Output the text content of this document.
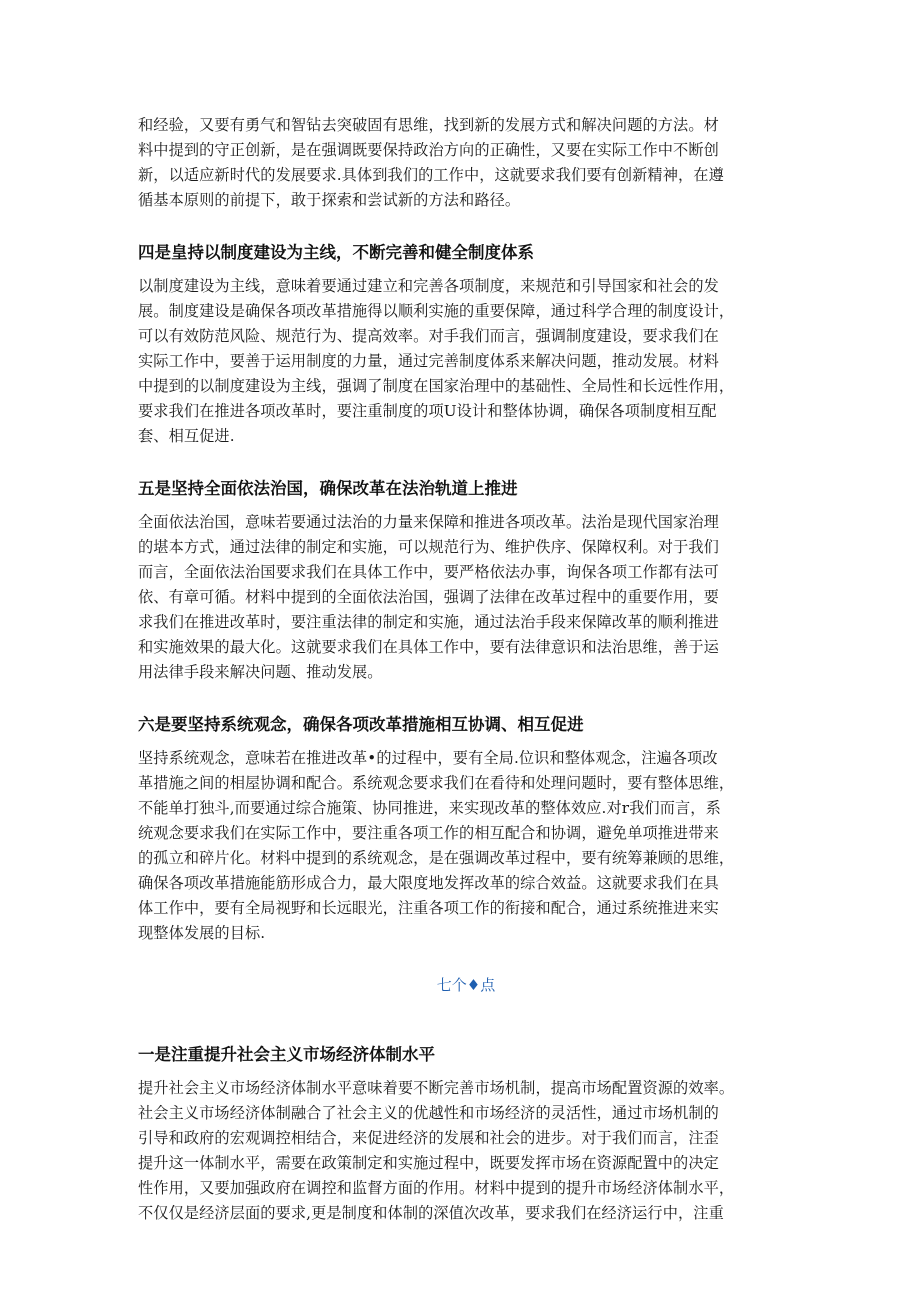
和经验，又要有勇气和智钻去突破固有思维，找到新的发展方式和解决问题的方法。材
料中提到的守正创新，是在强调既要保持政治方向的正确性，又要在实际工作中不断创
新，以适应新时代的发展要求.具体到我们的工作中，这就要求我们要有创新精神，在遵
循基本原则的前提下，敢于探索和尝试新的方法和路径。

四是皇持以制度建设为主线，不断完善和健全制度体系

以制度建设为主线，意味着要通过建立和完善各项制度，来规范和引导国家和社会的发
展。制度建设是确保各项改革措施得以顺利实施的重要保障，通过科学合理的制度设计，
可以有效防范风险、规范行为、提高效率。对手我们而言，强调制度建设，要求我们在
实际工作中，要善于运用制度的力量，通过完善制度体系来解决问题，推动发展。材料
中提到的以制度建设为主线，强调了制度在国家治理中的基础性、全局性和长远性作用，
要求我们在推进各项改革时，要注重制度的项U设计和整体协调，确保各项制度相互配
套、相互促进.

五是坚持全面依法治国，确保改革在法治轨道上推进

全面依法治国，意味若要通过法治的力量来保障和推进各项改革。法治是现代国家治理
的堪本方式，通过法律的制定和实施，可以规范行为、维护佚序、保障权利。对于我们
而言，全面依法治国要求我们在具体工作中，要严格依法办事，询保各项工作都有法可
依、有章可循。材料中提到的全面依法治国，强调了法律在改革过程中的重要作用，要
求我们在推进改革时，要注重法律的制定和实施，通过法治手段来保障改革的顺利推进
和实施效果的最大化。这就要求我们在具体工作中，要有法律意识和法治思维，善于运
用法律手段来解决问题、推动发展。

六是要坚持系统观念，确保各项改革措施相互协调、相互促进

坚持系统观念，意味若在推进改革•的过程中，要有全局.位识和整体观念，注遍各项改
革措施之间的相屋协调和配合。系统观念要求我们在看待和处理问题时，要有整体思维，
不能单打独斗,而要通过综合施策、协同推进，来实现改革的整体效应.对r我们而言，系
统观念要求我们在实际工作中，要注重各项工作的相互配合和协调，避免单项推进带来
的孤立和碎片化。材料中提到的系统观念，是在强调改革过程中，要有统筹兼顾的思维，
确保各项改革措施能筋形成合力，最大限度地发挥改革的综合效益。这就要求我们在具
体工作中，要有全局视野和长远眼光，注重各项工作的衔接和配合，通过系统推进来实
现整体发展的目标.

七个♦点

一是注重提升社会主义市场经济体制水平

提升社会主义市场经济体制水平意味着要不断完善市场机制，提高市场配置资源的效率。
社会主义市场经济体制融合了社会主义的优越性和市场经济的灵活性，通过市场机制的
引导和政府的宏观调控相结合，来促进经济的发展和社会的进步。对于我们而言，注歪
提升这一体制水平，需要在政策制定和实施过程中，既要发挥市场在资源配置中的决定
性作用，又要加强政府在调控和监督方面的作用。材料中提到的提升市场经济体制水平，
不仅仅是经济层面的要求,更是制度和体制的深值次改革，要求我们在经济运行中，注重
